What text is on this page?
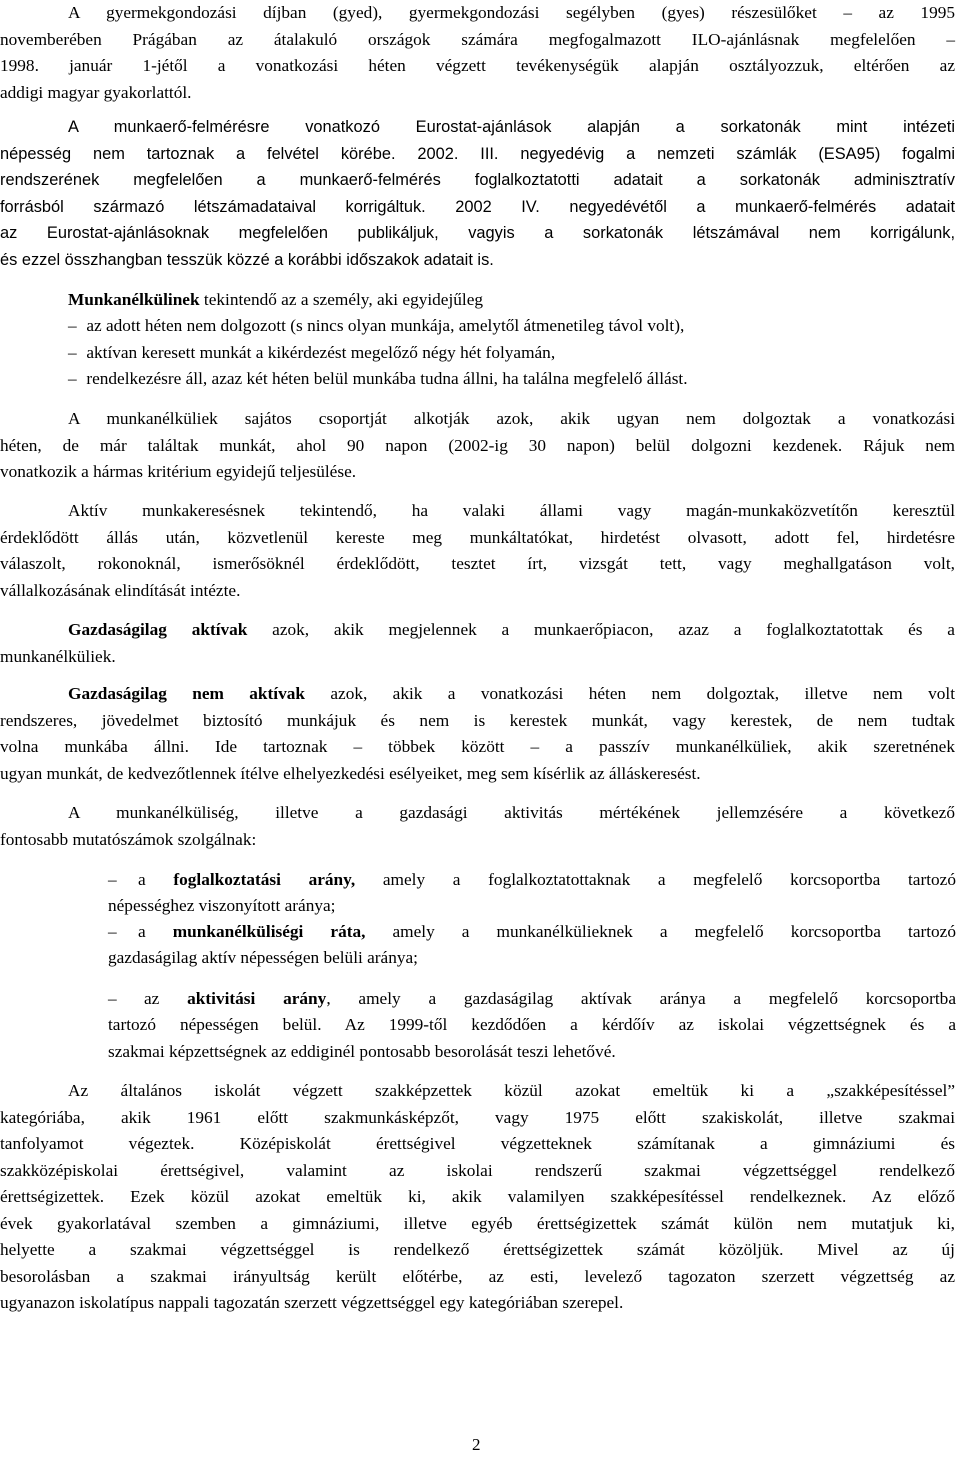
A gyermekgondozási díjban (gyed), gyermekgondozási segélyben (gyes) részesülőket – az 1995
novemberében Prágában az átalakuló országok számára megfogalmazott ILO-ajánlásnak megfelelően –
1998. január 1-jétől a vonatkozási héten végzett tevékenységük alapján osztályozzuk, eltérően az
addigi magyar gyakorlattól.
A munkaerő-felmérésre vonatkozó Eurostat-ajánlások alapján a sorkatonák mint intézeti
népesség nem tartoznak a felvétel körébe. 2002. III. negyedévig a nemzeti számlák (ESA95) fogalmi
rendszerének megfelelően a munkaerő-felmérés foglalkoztatotti adatait a sorkatonák adminisztratív
forrásból származó létszámadataival korrigáltuk. 2002 IV. negyedévétől a munkaerő-felmérés adatait
az Eurostat-ajánlásoknak megfelelően publikáljuk, vagyis a sorkatonák létszámával nem korrigálunk,
és ezzel összhangban tesszük közzé a korábbi időszakok adatait is.
Munkanélkülinek tekintendő az a személy, aki egyidejűleg
– az adott héten nem dolgozott (s nincs olyan munkája, amelytől átmenetileg távol volt),
– aktívan keresett munkát a kikérdezést megelőző négy hét folyamán,
– rendelkezésre áll, azaz két héten belül munkába tudna állni, ha találna megfelelő állást.
A munkanélküliek sajátos csoportját alkotják azok, akik ugyan nem dolgoztak a vonatkozási
héten, de már találtak munkát, ahol 90 napon (2002-ig 30 napon) belül dolgozni kezdenek. Rájuk nem
vonatkozik a hármas kritérium egyidejű teljesülése.
Aktív munkakeresésnek tekintendő, ha valaki állami vagy magán-munkaközvetítőn keresztül
érdeklődött állás után, közvetlenül kereste meg munkáltatókat, hirdetést olvasott, adott fel, hirdetésre
válaszolt, rokonoknál, ismerősöknél érdeklődött, tesztet írt, vizsgát tett, vagy meghallgatáson volt,
vállalkozásának elindítását intézte.
Gazdaságilag aktívak azok, akik megjelennek a munkaerőpiacon, azaz a foglalkoztatottak és a
munkanélküliek.
Gazdaságilag nem aktívak azok, akik a vonatkozási héten nem dolgoztak, illetve nem volt
rendszeres, jövedelmet biztosító munkájuk és nem is kerestek munkát, vagy kerestek, de nem tudtak
volna munkába állni. Ide tartoznak – többek között – a passzív munkanélküliek, akik szeretnének
ugyan munkát, de kedvezőtlennek ítélve elhelyezkedési esélyeiket, meg sem kísérlik az álláskeresést.
A munkanélküliség, illetve a gazdasági aktivitás mértékének jellemzésére a következő
fontosabb mutatószámok szolgálnak:
– a foglalkoztatási arány, amely a foglalkoztatottaknak a megfelelő korcsoportba tartozó
népességhez viszonyított aránya;
– a munkanélküliségi ráta, amely a munkanélkülieknek a megfelelő korcsoportba tartozó
gazdaságilag aktív népességen belüli aránya;
– az aktivitási arány, amely a gazdaságilag aktívak aránya a megfelelő korcsoportba
tartozó népességen belül. Az 1999-től kezdődően a kérdőív az iskolai végzettségnek és a
szakmai képzettségnek az eddiginél pontosabb besorolását teszi lehetővé.
Az általános iskolát végzett szakképzettek közül azokat emeltük ki a „szakképesítéssel”
kategóriába, akik 1961 előtt szakmunkásképzőt, vagy 1975 előtt szakiskolát, illetve szakmai
tanfolyamot végeztek. Középiskolát érettségivel végzetteknek számítanak a gimnáziumi és
szakközépiskolai érettségivel, valamint az iskolai rendszerű szakmai végzettséggel rendelkező
érettségizettek. Ezek közül azokat emeltük ki, akik valamilyen szakképesítéssel rendelkeznek. Az előző
évek gyakorlatával szemben a gimnáziumi, illetve egyéb érettségizettek számát külön nem mutatjuk ki,
helyette a szakmai végzettséggel is rendelkező érettségizettek számát közöljük. Mivel az új
besorolásban a szakmai irányultság került előtérbe, az esti, levelező tagozaton szerzett végzettség az
ugyanazon iskolatípus nappali tagozatán szerzett végzettséggel egy kategóriában szerepel.
2
